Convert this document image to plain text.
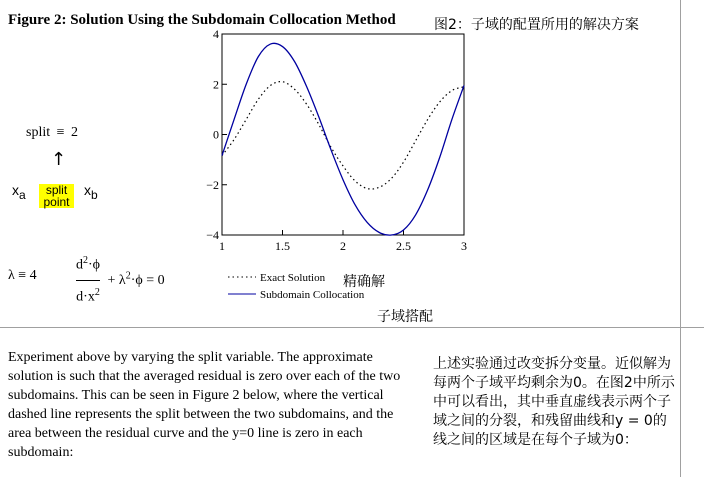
Figure 2: Solution Using the Subdomain Collocation Method	图2：子域的配置所用的解决方案
split ≡ 2
↑
$x_a$	split
point
$x_b$
λ ≡ 4	$\frac{d^2\cdot\phi}{d\cdot x^2} + \lambda^2\cdot\phi = 0$
4
2
0
−2
−4
1	1.5	2	2.5	3
Exact Solution
Subdomain Collocation
精确解
子域搭配
Experiment above by varying the split variable. The approximate solution is such that the averaged residual is zero over each of the two subdomains. This can be seen in Figure 2 below, where the vertical dashed line represents the split between the two subdomains, and the area between the residual curve and the y=0 line is zero in each subdomain:
上述实验通过改变拆分变量。近似解为每两个子域平均剩余为0。在图2中所示中可以看出，其中垂直虚线表示两个子域之间的分裂，和残留曲线和y = 0的线之间的区域是在每个子域为0：
